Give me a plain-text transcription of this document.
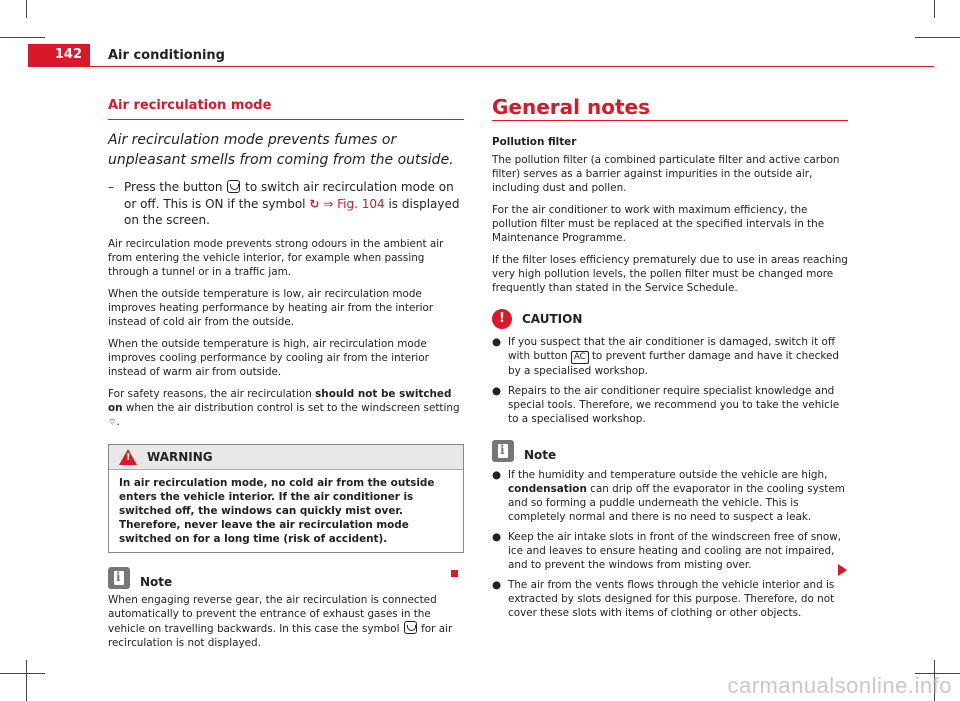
142	Air conditioning
Air recirculation mode
Air recirculation mode prevents fumes or unpleasant smells from coming from the outside.
– Press the button to switch air recirculation mode on or off. This is ON if the symbol ↻ ⇒ Fig. 104 is displayed on the screen.

Air recirculation mode prevents strong odours in the ambient air from entering the vehicle interior, for example when passing through a tunnel or in a traffic jam.

When the outside temperature is low, air recirculation mode improves heating performance by heating air from the interior instead of cold air from the outside.

When the outside temperature is high, air recirculation mode improves cooling performance by cooling air from the interior instead of warm air from outside.

For safety reasons, the air recirculation should not be switched on when the air distribution control is set to the windscreen setting ⌔.

!
WARNING
In air recirculation mode, no cold air from the outside enters the vehicle interior. If the air conditioner is switched off, the windows can quickly mist over. Therefore, never leave the air recirculation mode switched on for a long time (risk of accident).
i
Note

When engaging reverse gear, the air recirculation is connected automatically to prevent the entrance of exhaust gases in the vehicle on travelling backwards. In this case the symbol for air recirculation is not displayed.

General notes
Pollution filter

The pollution filter (a combined particulate filter and active carbon filter) serves as a barrier against impurities in the outside air, including dust and pollen.

For the air conditioner to work with maximum efficiency, the pollution filter must be replaced at the specified intervals in the Maintenance Programme.

If the filter loses efficiency prematurely due to use in areas reaching very high pollution levels, the pollen filter must be changed more frequently than stated in the Service Schedule.

!	CAUTION
● If you suspect that the air conditioner is damaged, switch it off with button AC to prevent further damage and have it checked by a specialised workshop.
● Repairs to the air conditioner require specialist knowledge and special tools. Therefore, we recommend you to take the vehicle to a specialised workshop.
i
Note
● If the humidity and temperature outside the vehicle are high, condensation can drip off the evaporator in the cooling system and so forming a puddle underneath the vehicle. This is completely normal and there is no need to suspect a leak.
● Keep the air intake slots in front of the windscreen free of snow, ice and leaves to ensure heating and cooling are not impaired, and to prevent the windows from misting over.
● The air from the vents flows through the vehicle interior and is extracted by slots designed for this purpose. Therefore, do not cover these slots with items of clothing or other objects.
carmanualsonline.info
